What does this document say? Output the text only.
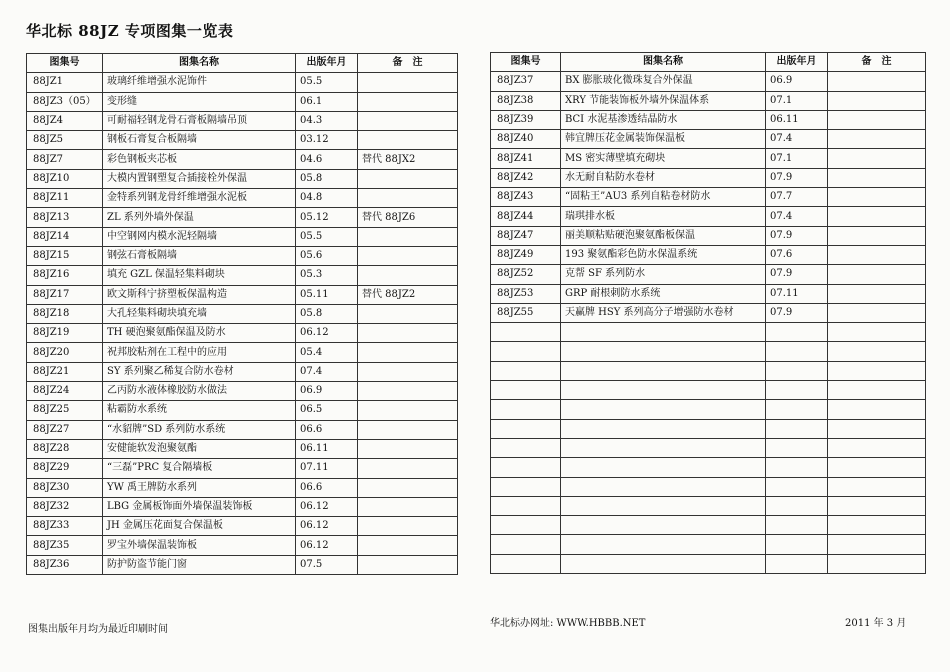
华北标 88JZ 专项图集一览表
图集号	图集名称	出版年月	备　注
88JZ1	玻璃纤维增强水泥饰件	05.5	
88JZ3（05）	变形缝	06.1	
88JZ4	可耐福轻钢龙骨石膏板隔墙吊顶	04.3	
88JZ5	钢板石膏复合板隔墙	03.12	
88JZ7	彩色钢板夹芯板	04.6	替代 88JX2
88JZ10	大模内置钢塑复合插接栓外保温	05.8	
88JZ11	金特系列钢龙骨纤维增强水泥板	04.8	
88JZ13	ZL 系列外墙外保温	05.12	替代 88JZ6
88JZ14	中空钢网内模水泥轻隔墙	05.5	
88JZ15	钢弦石膏板隔墙	05.6	
88JZ16	填充 GZL 保温轻集料砌块	05.3	
88JZ17	欧文斯科宁挤塑板保温构造	05.11	替代 88JZ2
88JZ18	大孔轻集料砌块填充墙	05.8	
88JZ19	TH 硬泡聚氨酯保温及防水	06.12	
88JZ20	祝邦胶粘剂在工程中的应用	05.4	
88JZ21	SY 系列聚乙稀复合防水卷材	07.4	
88JZ24	乙丙防水液体橡胶防水做法	06.9	
88JZ25	粘霸防水系统	06.5	
88JZ27	“水貂牌”SD 系列防水系统	06.6	
88JZ28	安健能软发泡聚氨酯	06.11	
88JZ29	“三磊”PRC 复合隔墙板	07.11	
88JZ30	YW 禹王牌防水系列	06.6	
88JZ32	LBG 金属板饰面外墙保温装饰板	06.12	
88JZ33	JH 金属压花面复合保温板	06.12	
88JZ35	罗宝外墙保温装饰板	06.12	
88JZ36	防护防盗节能门窗	07.5	
图集号	图集名称	出版年月	备　注
88JZ37	BX 膨胀玻化微珠复合外保温	06.9	
88JZ38	XRY 节能装饰板外墙外保温体系	07.1	
88JZ39	BCI 水泥基渗透结晶防水	06.11	
88JZ40	韩宜牌压花金属装饰保温板	07.4	
88JZ41	MS 密实薄壁填充砌块	07.1	
88JZ42	水无耐自粘防水卷材	07.9	
88JZ43	“固粘王”AU3 系列自粘卷材防水	07.7	
88JZ44	瑞琪排水板	07.4	
88JZ47	丽美顺粘贴硬泡聚氨酯板保温	07.9	
88JZ49	193 聚氨酯彩色防水保温系统	07.6	
88JZ52	克帮 SF 系列防水	07.9	
88JZ53	GRP 耐根刺防水系统	07.11	
88JZ55	天赢牌 HSY 系列高分子增强防水卷材	07.9	

图集出版年月均为最近印刷时间
华北标办网址: WWW.HBBB.NET	2011 年 3 月
